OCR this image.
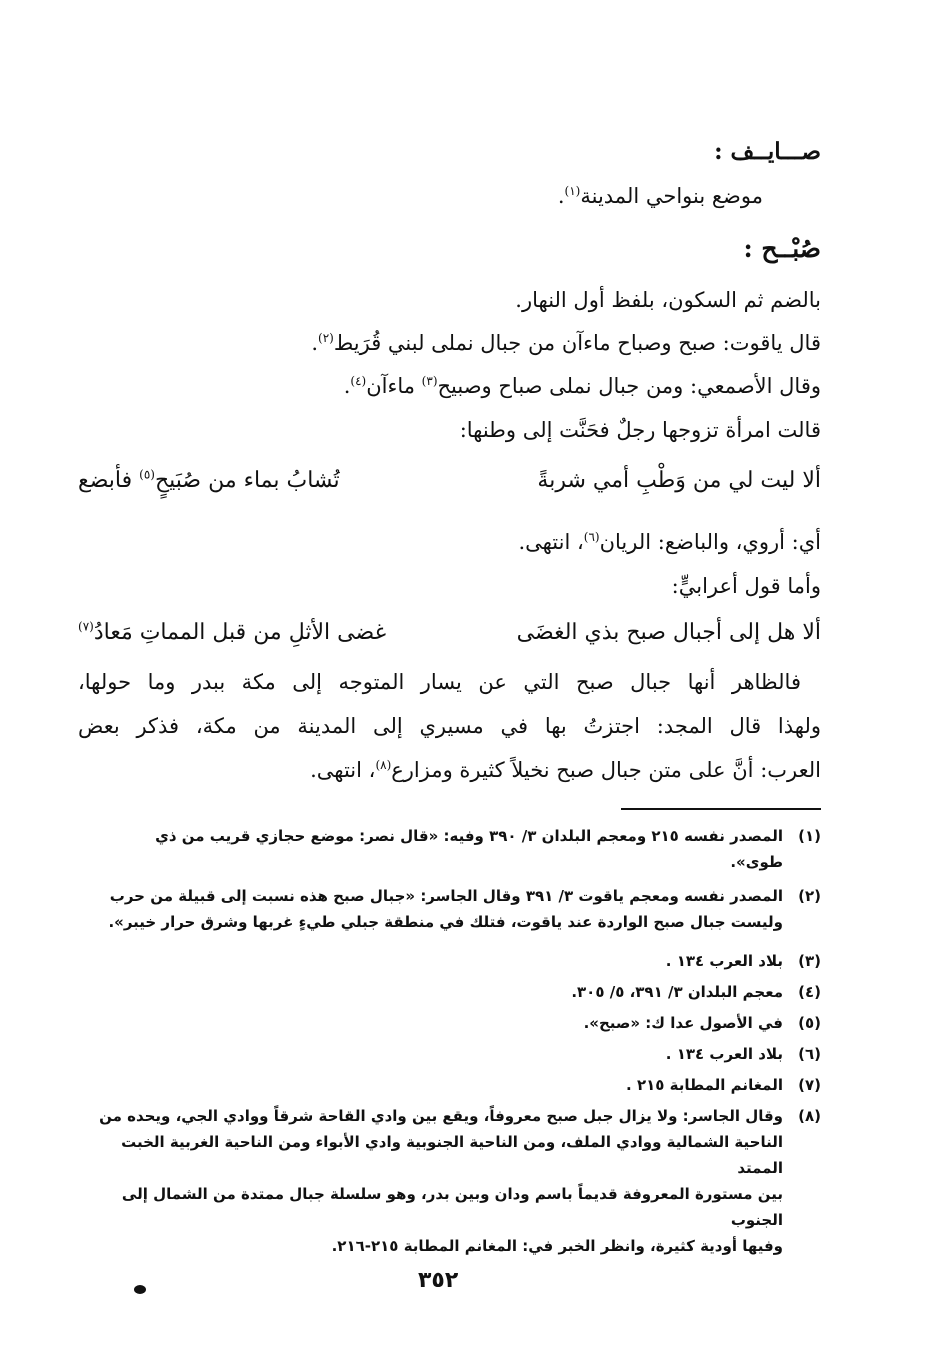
صـــايــف :
موضع بنواحي المدينة$^{(١)}$.
صُبْــح :
بالضم ثم السكون، بلفظ أول النهار.
قال ياقوت: صبح وصباح ماءآن من جبال نملى لبني قُرَيط$^{(٢)}$.
وقال الأصمعي: ومن جبال نملى صباح وصبيح$^{(٣)}$ ماءآن$^{(٤)}$.
قالت امرأة تزوجها رجلٌ فحَنَّت إلى وطنها:
ألا ليت لي من وَطْبِ أمي شربةً
تُشابُ بماء من صُبَيحٍ$^{(٥)}$ فأبضع
أي: أروي، والباضع: الريان$^{(٦)}$، انتهى.
وأما قول أعرابيٍّ:
ألا هل إلى أجبال صبح بذي الغضَى
غضى الأثلِ من قبل المماتِ مَعادُ$^{(٧)}$
فالظاهر أنها جبال صبح التي عن يسار المتوجه إلى مكة ببدر وما حولها،
ولهذا قال المجد: اجتزتُ بها في مسيري إلى المدينة من مكة، فذكر بعض
العرب: أنَّ على متن جبال صبح نخيلاً كثيرة ومزارع$^{(٨)}$، انتهى.
(١)المصدر نفسه ٢١٥ ومعجم البلدان ٣/ ٣٩٠ وفيه: «قال نصر: موضع حجازي قريب من ذي
طوى».
(٢)المصدر نفسه ومعجم ياقوت ٣/ ٣٩١ وقال الجاسر: «جبال صبح هذه نسبت إلى قبيلة من حرب
وليست جبال صبح الواردة عند ياقوت، فتلك في منطقة جبلي طيءٍ غربها وشرق حرار خيبر».
(٣)بلاد العرب ١٣٤ .
(٤)معجم البلدان ٣/ ٣٩١، ٥/ ٣٠٥.
(٥)في الأصول عدا ك: «صبح».
(٦)بلاد العرب ١٣٤ .
(٧)المغانم المطابة ٢١٥ .
(٨)وقال الجاسر: ولا يزال جبل صبح معروفاً، ويقع بين وادي القاحة شرقاً ووادي الجي، ويحده من
الناحية الشمالية ووادي الملف، ومن الناحية الجنوبية وادي الأبواء ومن الناحية الغربية الخبت الممتد
بين مستورة المعروفة قديماً باسم ودان وبين بدر، وهو سلسلة جبال ممتدة من الشمال إلى الجنوب
وفيها أودية كثيرة، وانظر الخبر في: المغانم المطابة ٢١٥-٢١٦.
٣٥٢
